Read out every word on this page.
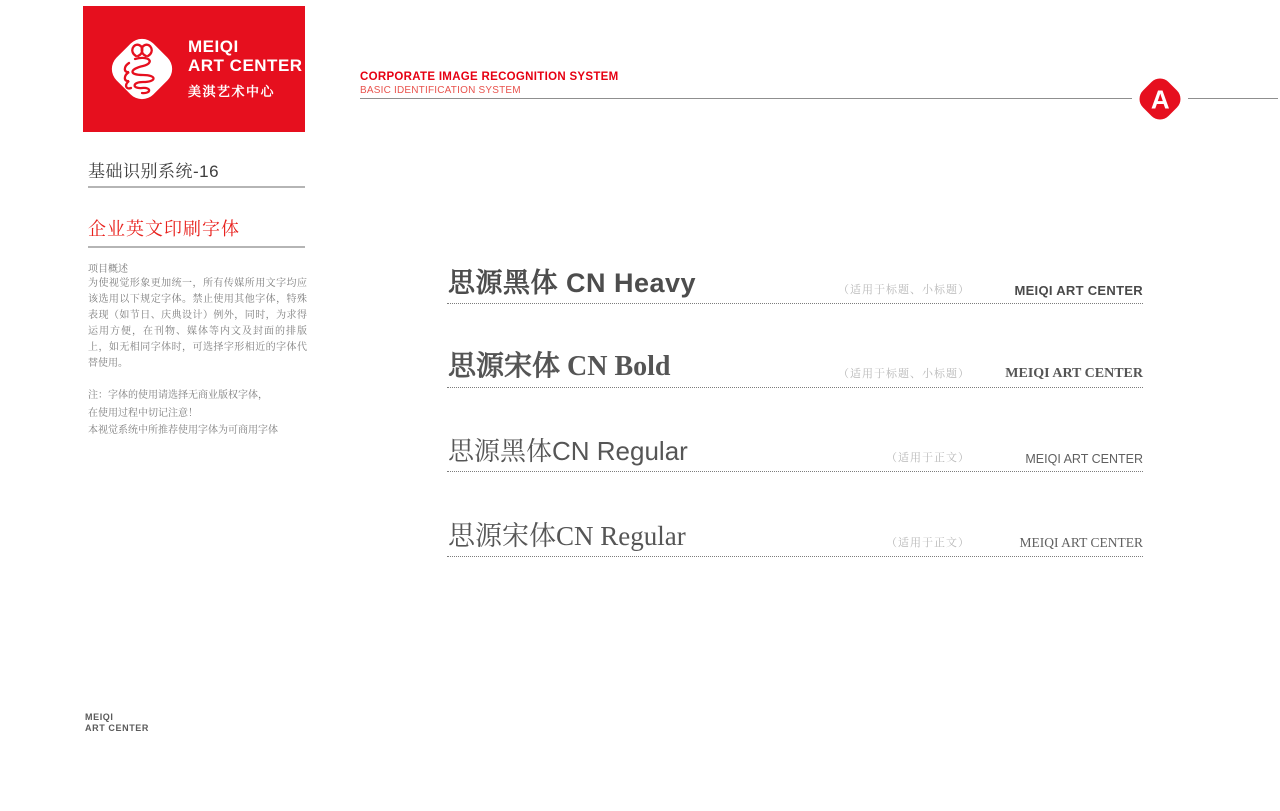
MEIQI
ART CENTER
美淇艺术中心
CORPORATE IMAGE RECOGNITION SYSTEM
BASIC IDENTIFICATION SYSTEM	A
基础识别系统-16
企业英文印刷字体
项目概述
为使视觉形象更加统一，所有传媒所用文字均应该选用以下规定字体。禁止使用其他字体，特殊表现（如节日、庆典设计）例外，同时，为求得运用方便，在刊物、媒体等内文及封面的排版上，如无相同字体时，可选择字形相近的字体代替使用。
注：字体的使用请选择无商业版权字体，
在使用过程中切记注意！
本视觉系统中所推荐使用字体为可商用字体
思源黑体 CN Heavy	（适用于标题、小标题）	MEIQI ART CENTER
思源宋体 CN Bold	（适用于标题、小标题）	MEIQI ART CENTER
思源黑体CN Regular	（适用于正文）	MEIQI ART CENTER
思源宋体CN Regular	（适用于正文）	MEIQI ART CENTER
MEIQI
ART CENTER
